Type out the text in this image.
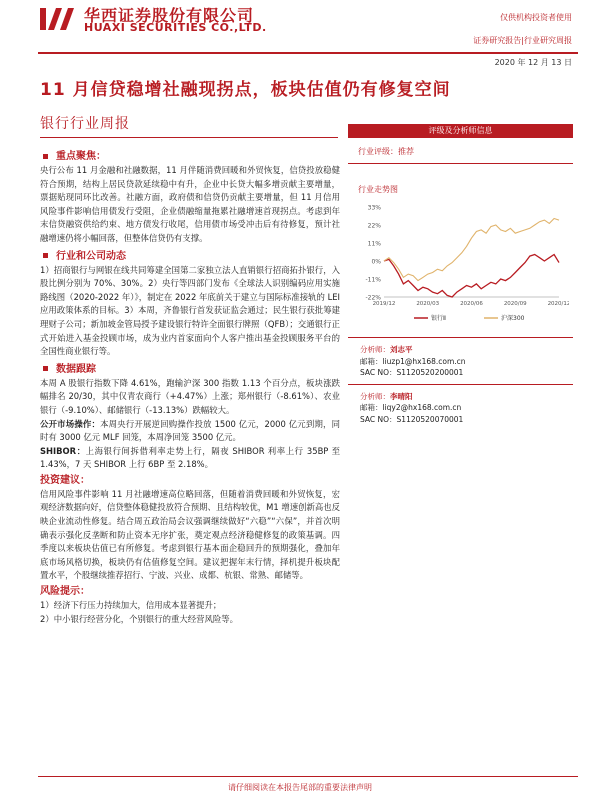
华西证券股份有限公司
HUAXI SECURITIES CO.,LTD.
仅供机构投资者使用
证券研究报告|行业研究周报
2020 年 12 月 13 日
11 月信贷稳增社融现拐点，板块估值仍有修复空间
银行行业周报
重点聚焦：
央行公布 11 月金融和社融数据，11 月伴随消费回暖和外贸恢复，信贷投放稳健符合预期，结构上居民贷款延续稳中有升，企业中长贷大幅多增贡献主要增量，票据贴现同环比改善。社融方面，政府债和信贷仍贡献主要增量，但 11 月信用风险事件影响信用债发行受阻，企业债融缩量拖累社融增速首现拐点。考虑到年末信贷融资供给约束、地方债发行收尾，信用债市场受冲击后有待修复，预计社融增速仍将小幅回落，但整体信贷仍有支撑。
行业和公司动态
1）招商银行与网银在线共同筹建全国第二家独立法人直销银行招商拓扑银行，入股比例分别为 70%、30%。2）央行等四部门发布《全球法人识别编码应用实施路线图（2020-2022 年）》，制定在 2022 年底前关于建立与国际标准接轨的 LEI 应用政策体系的目标。3）本周，齐鲁银行首发获证监会通过；民生银行获批筹建理财子公司；新加坡金管局授予建设银行特许全面银行牌照（QFB）；交通银行正式开始进入基金投顾市场，成为业内首家面向个人客户推出基金投顾服务平台的全国性商业银行等。
数据跟踪
本周 A 股银行指数下降 4.61%，跑输沪深 300 指数 1.13 个百分点，板块涨跌幅排名 20/30，其中仅青农商行（+4.47%）上涨；郑州银行（-8.61%）、农业银行（-9.10%）、邮储银行（-13.13%）跌幅较大。
公开市场操作：本周央行开展逆回购操作投放 1500 亿元，2000 亿元到期，同时有 3000 亿元 MLF 回笼，本周净回笼 3500 亿元。
SHIBOR：上海银行间拆借利率走势上行，隔夜 SHIBOR 利率上行 35BP 至 1.43%，7 天 SHIBOR 上行 6BP 至 2.18%。
投资建议：
信用风险事件影响 11 月社融增速高位略回落，但随着消费回暖和外贸恢复，宏观经济数据向好，信贷整体稳健投放符合预期、且结构较优，M1 增速创新高也反映企业流动性修复。结合周五政治局会议强调继续做好“六稳”“六保”，并首次明确表示强化反垄断和防止资本无序扩张，奠定观点经济稳健修复的政策基调。四季度以来板块估值已有所修复。考虑到银行基本面企稳回升的预期强化，叠加年底市场风格切换，板块仍有估值修复空间。建议把握年末行情，择机提升板块配置水平，个股继续推荐招行、宁波、兴业、成都、杭银、常熟、邮储等。
风险提示：
1）经济下行压力持续加大，信用成本显著提升；
2）中小银行经营分化，个别银行的重大经营风险等。
评级及分析师信息
行业评级：推荐
行业走势图
33%
22%
11%
0%
-11%
-22%
2019/12	2020/03	2020/06	2020/09	2020/12
银行Ⅱ	沪深300
分析师：刘志平
邮箱：liuzp1@hx168.com.cn
SAC NO：S1120520200001
分析师：李晴阳
邮箱：liqy2@hx168.com.cn
SAC NO：S1120520070001
请仔细阅读在本报告尾部的重要法律声明
